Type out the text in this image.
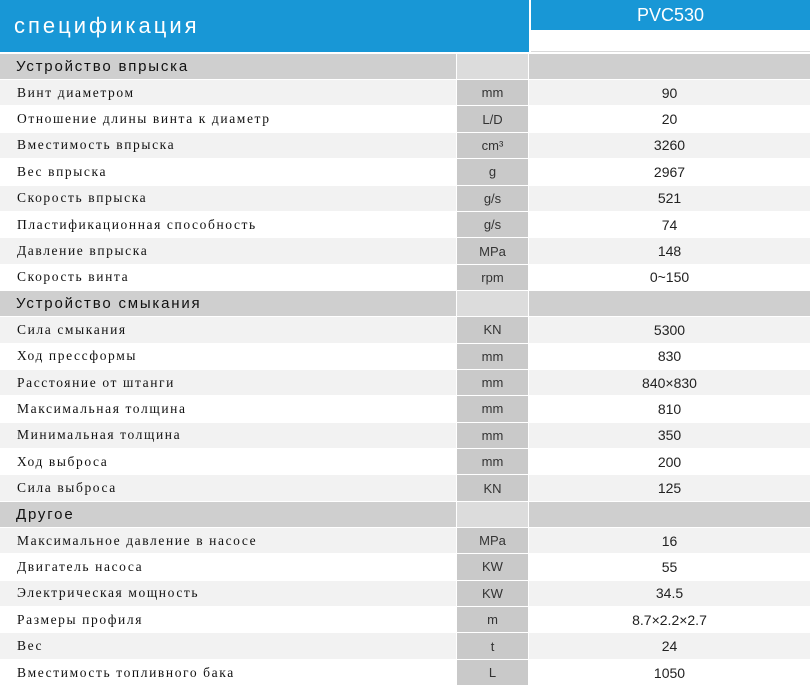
спецификация	PVC530
Устройство впрыска
Винт диаметром	mm	90
Отношение длины винта к диаметр	L/D	20
Вместимость впрыска	cm³	3260
Вес впрыска	g	2967
Скорость впрыска	g/s	521
Пластификационная способность	g/s	74
Давление впрыска	MPa	148
Скорость винта	rpm	0~150
Устройство смыкания
Сила смыкания	KN	5300
Ход прессформы	mm	830
Расстояние от штанги	mm	840×830
Максимальная толщина	mm	810
Минимальная толщина	mm	350
Ход выброса	mm	200
Сила выброса	KN	125
Другое
Максимальное давление в насосе	MPa	16
Двигатель насоса	KW	55
Электрическая мощность	KW	34.5
Размеры профиля	m	8.7×2.2×2.7
Вес	t	24
Вместимость топливного бака	L	1050
